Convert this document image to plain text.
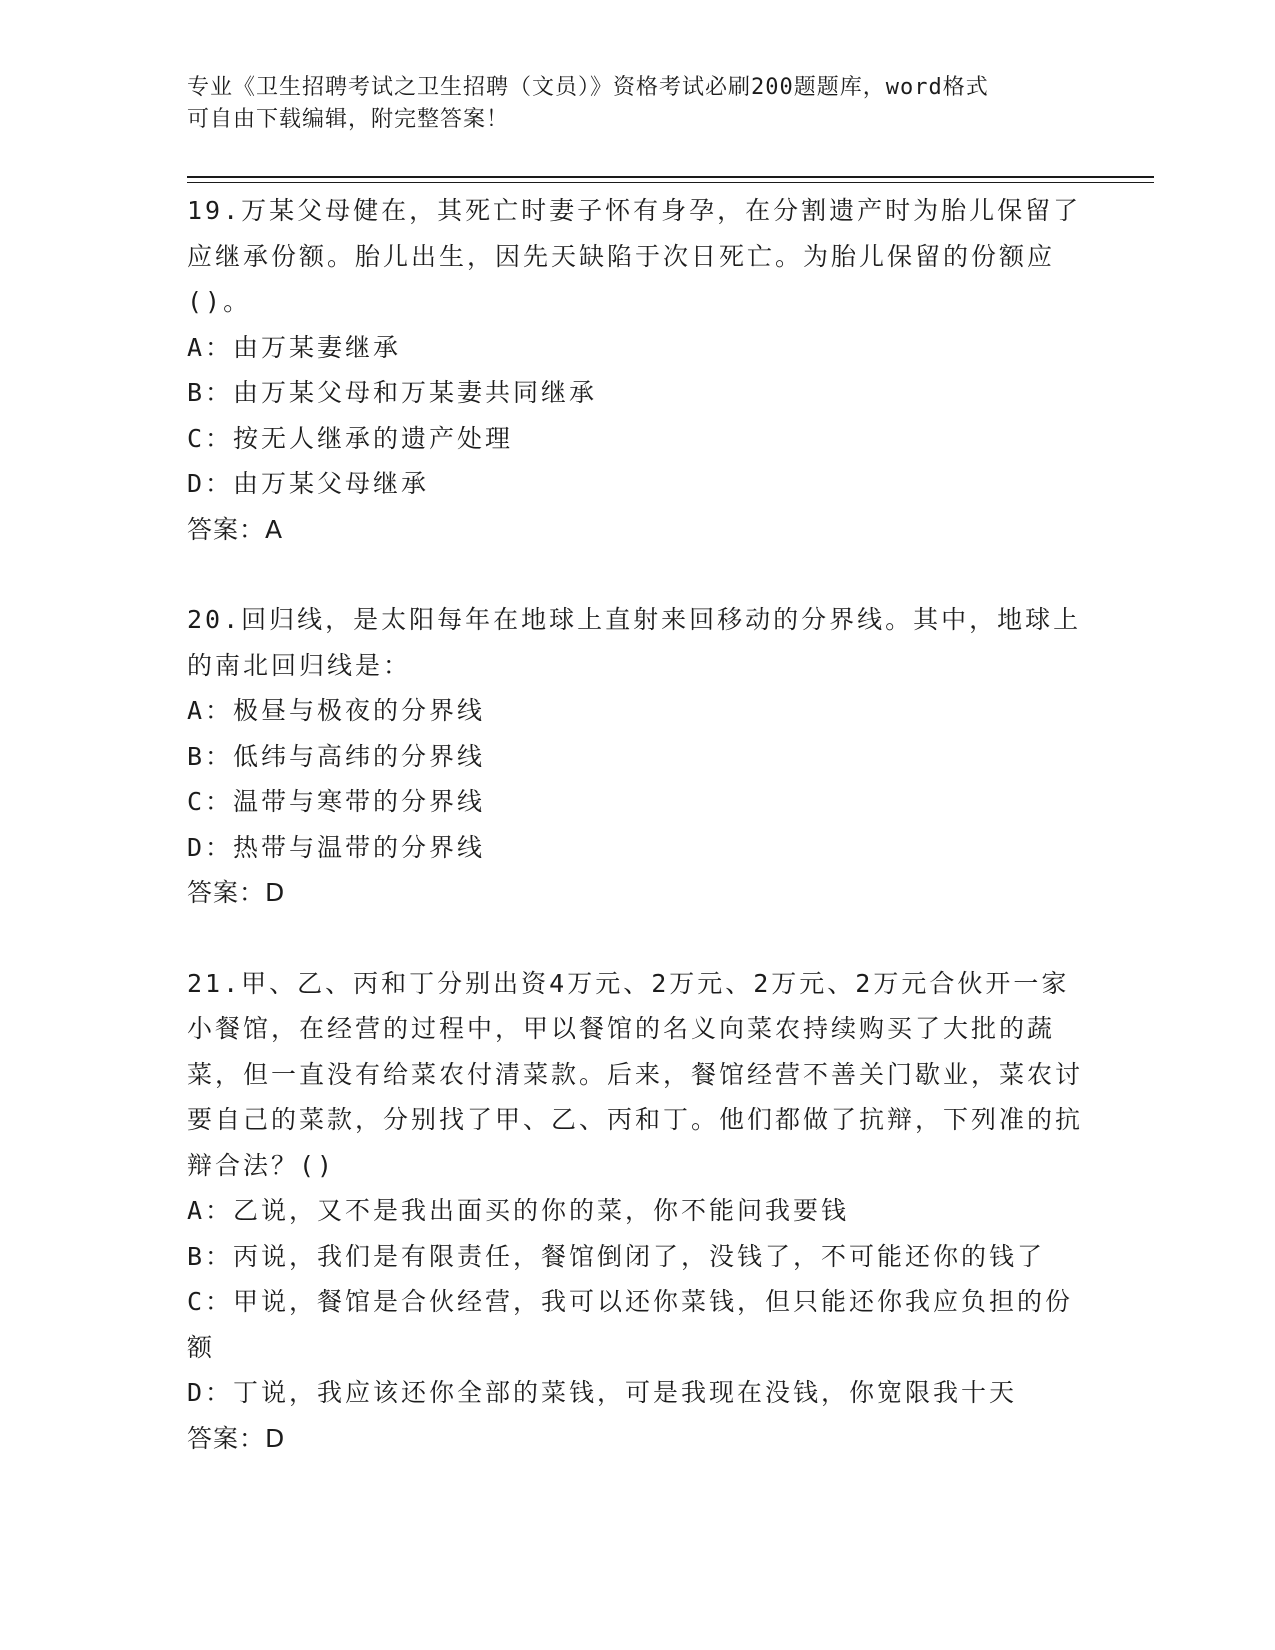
专业《卫生招聘考试之卫生招聘（文员）》资格考试必刷200题题库，word格式
可自由下载编辑，附完整答案！
19.万某父母健在，其死亡时妻子怀有身孕，在分割遗产时为胎儿保留了应继承份额。胎儿出生，因先天缺陷于次日死亡。为胎儿保留的份额应()。
A：由万某妻继承
B：由万某父母和万某妻共同继承
C：按无人继承的遗产处理
D：由万某父母继承
答案：A
20.回归线，是太阳每年在地球上直射来回移动的分界线。其中，地球上的南北回归线是：
A：极昼与极夜的分界线
B：低纬与高纬的分界线
C：温带与寒带的分界线
D：热带与温带的分界线
答案：D
21.甲、乙、丙和丁分别出资4万元、2万元、2万元、2万元合伙开一家小餐馆，在经营的过程中，甲以餐馆的名义向菜农持续购买了大批的蔬菜，但一直没有给菜农付清菜款。后来，餐馆经营不善关门歇业，菜农讨要自己的菜款，分别找了甲、乙、丙和丁。他们都做了抗辩，下列准的抗辩合法？()
A：乙说，又不是我出面买的你的菜，你不能问我要钱
B：丙说，我们是有限责任，餐馆倒闭了，没钱了，不可能还你的钱了
C：甲说，餐馆是合伙经营，我可以还你菜钱，但只能还你我应负担的份额
D：丁说，我应该还你全部的菜钱，可是我现在没钱，你宽限我十天
答案：D
